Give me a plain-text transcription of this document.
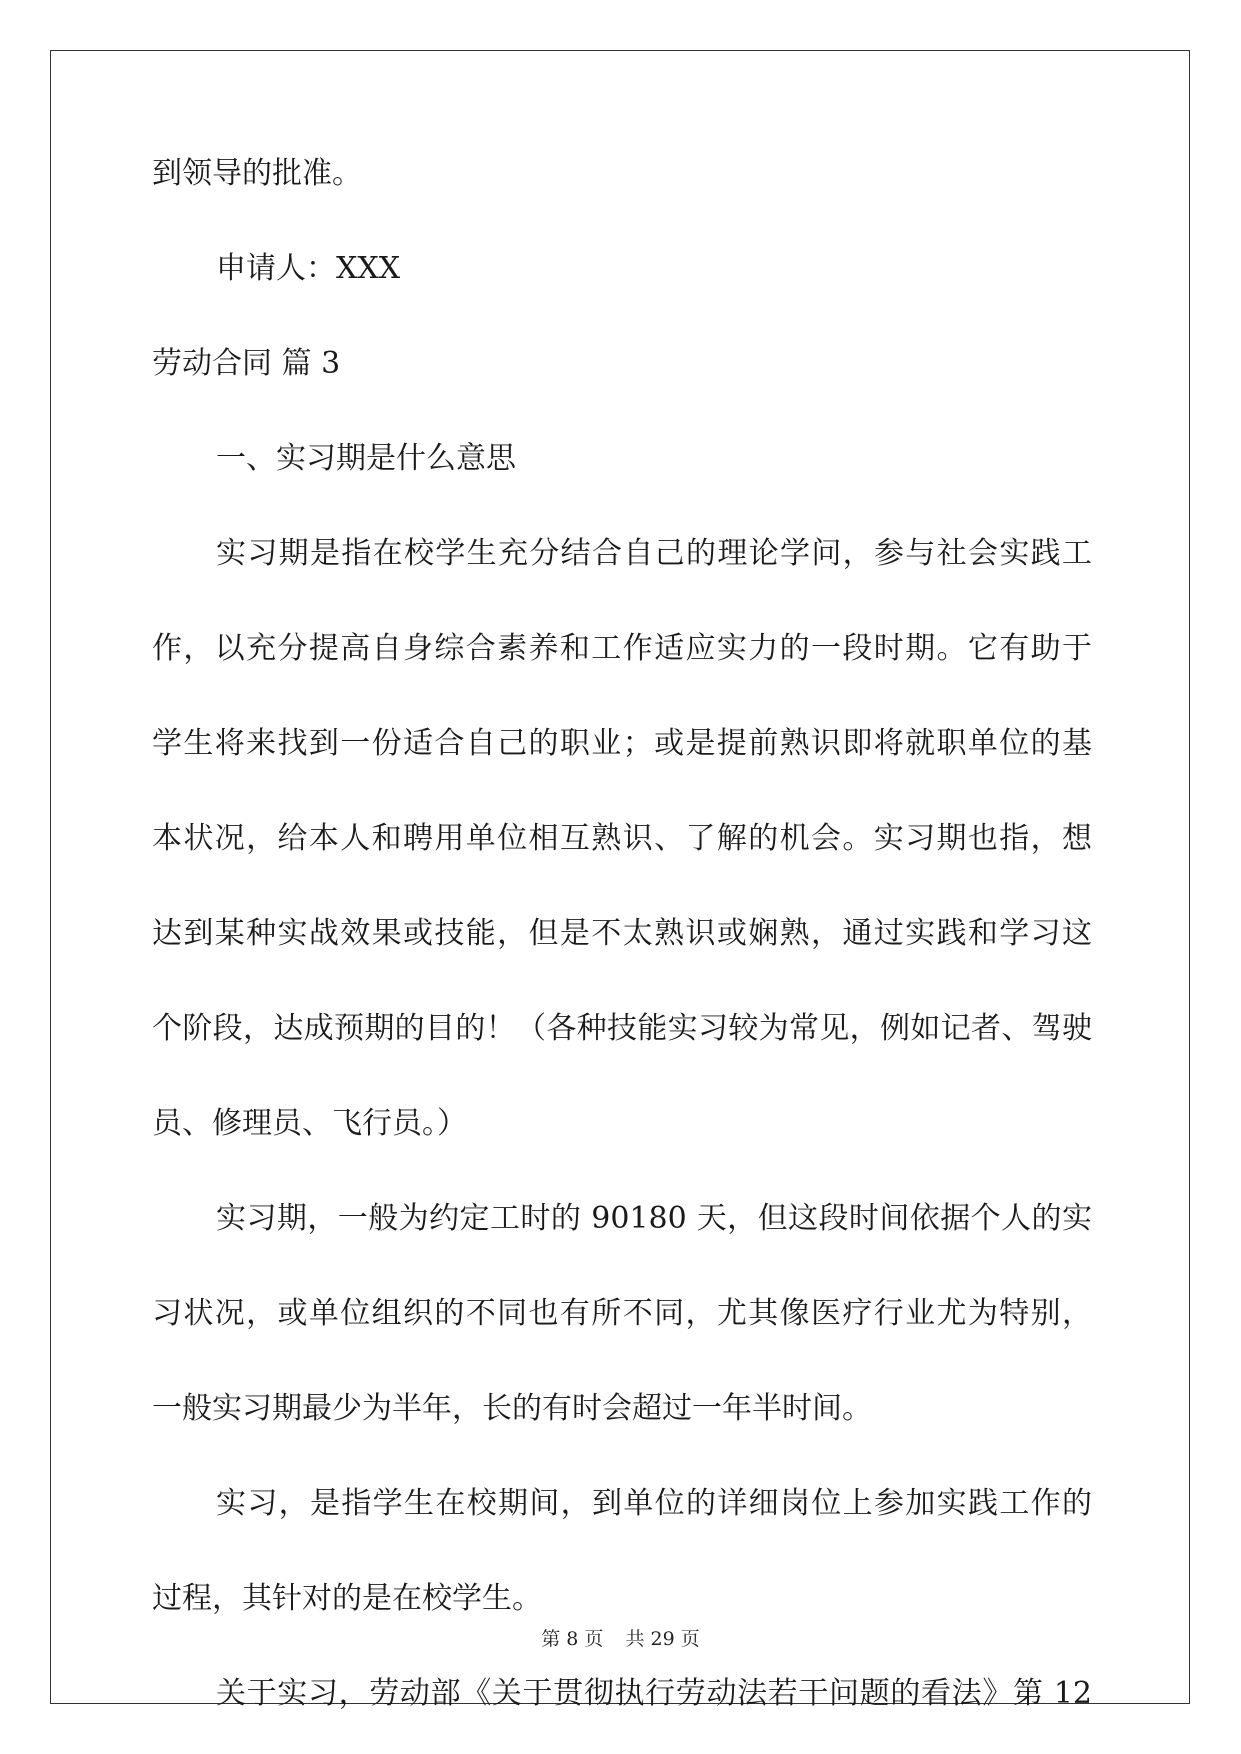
到领导的批准。
申请人：XXX
劳动合同 篇 3
一、实习期是什么意思
实习期是指在校学生充分结合自己的理论学问，参与社会实践工
作，以充分提高自身综合素养和工作适应实力的一段时期。它有助于
学生将来找到一份适合自己的职业；或是提前熟识即将就职单位的基
本状况，给本人和聘用单位相互熟识、了解的机会。实习期也指，想
达到某种实战效果或技能，但是不太熟识或娴熟，通过实践和学习这
个阶段，达成预期的目的！（各种技能实习较为常见，例如记者、驾驶
员、修理员、飞行员。）
实习期，一般为约定工时的 90180 天，但这段时间依据个人的实
习状况，或单位组织的不同也有所不同，尤其像医疗行业尤为特别，
一般实习期最少为半年，长的有时会超过一年半时间。
实习，是指学生在校期间，到单位的详细岗位上参加实践工作的
过程，其针对的是在校学生。
关于实习，劳动部《关于贯彻执行劳动法若干问题的看法》第 12
第 8 页 共 29 页
